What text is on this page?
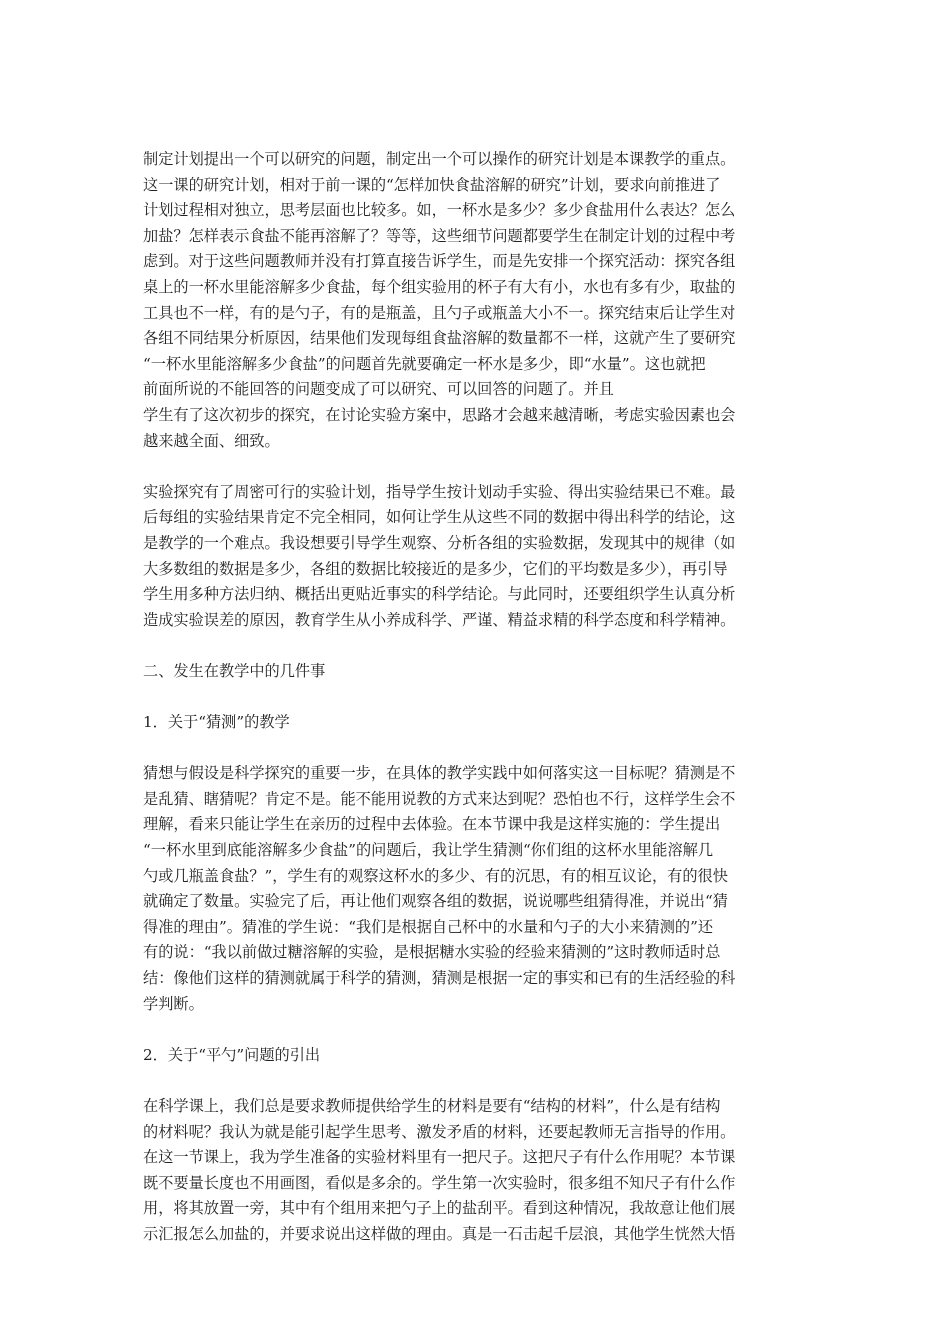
制定计划提出一个可以研究的问题，制定出一个可以操作的研究计划是本课教学的重点。
这一课的研究计划，相对于前一课的“怎样加快食盐溶解的研究”计划，要求向前推进了
计划过程相对独立，思考层面也比较多。如，一杯水是多少？多少食盐用什么表达？怎么
加盐？怎样表示食盐不能再溶解了？等等，这些细节问题都要学生在制定计划的过程中考
虑到。对于这些问题教师并没有打算直接告诉学生，而是先安排一个探究活动：探究各组
桌上的一杯水里能溶解多少食盐，每个组实验用的杯子有大有小，水也有多有少，取盐的
工具也不一样，有的是勺子，有的是瓶盖，且勺子或瓶盖大小不一。探究结束后让学生对
各组不同结果分析原因，结果他们发现每组食盐溶解的数量都不一样，这就产生了要研究
“一杯水里能溶解多少食盐”的问题首先就要确定一杯水是多少，即“水量”。这也就把
前面所说的不能回答的问题变成了可以研究、可以回答的问题了。并且
学生有了这次初步的探究，在讨论实验方案中，思路才会越来越清晰，考虑实验因素也会
越来越全面、细致。
实验探究有了周密可行的实验计划，指导学生按计划动手实验、得出实验结果已不难。最
后每组的实验结果肯定不完全相同，如何让学生从这些不同的数据中得出科学的结论，这
是教学的一个难点。我设想要引导学生观察、分析各组的实验数据，发现其中的规律（如
大多数组的数据是多少，各组的数据比较接近的是多少，它们的平均数是多少），再引导
学生用多种方法归纳、概括出更贴近事实的科学结论。与此同时，还要组织学生认真分析
造成实验误差的原因，教育学生从小养成科学、严谨、精益求精的科学态度和科学精神。
二、发生在教学中的几件事
1．关于“猜测”的教学
猜想与假设是科学探究的重要一步，在具体的教学实践中如何落实这一目标呢？猜测是不
是乱猜、瞎猜呢？肯定不是。能不能用说教的方式来达到呢？恐怕也不行，这样学生会不
理解，看来只能让学生在亲历的过程中去体验。在本节课中我是这样实施的：学生提出
“一杯水里到底能溶解多少食盐”的问题后，我让学生猜测“你们组的这杯水里能溶解几
勺或几瓶盖食盐？”，学生有的观察这杯水的多少、有的沉思，有的相互议论，有的很快
就确定了数量。实验完了后，再让他们观察各组的数据，说说哪些组猜得准，并说出“猜
得准的理由”。猜准的学生说：“我们是根据自己杯中的水量和勺子的大小来猜测的”还
有的说：“我以前做过糖溶解的实验，是根据糖水实验的经验来猜测的”这时教师适时总
结：像他们这样的猜测就属于科学的猜测，猜测是根据一定的事实和已有的生活经验的科
学判断。
2．关于“平勺”问题的引出
在科学课上，我们总是要求教师提供给学生的材料是要有“结构的材料”，什么是有结构
的材料呢？我认为就是能引起学生思考、激发矛盾的材料，还要起教师无言指导的作用。
在这一节课上，我为学生准备的实验材料里有一把尺子。这把尺子有什么作用呢？本节课
既不要量长度也不用画图，看似是多余的。学生第一次实验时，很多组不知尺子有什么作
用，将其放置一旁，其中有个组用来把勺子上的盐刮平。看到这种情况，我故意让他们展
示汇报怎么加盐的，并要求说出这样做的理由。真是一石击起千层浪，其他学生恍然大悟
